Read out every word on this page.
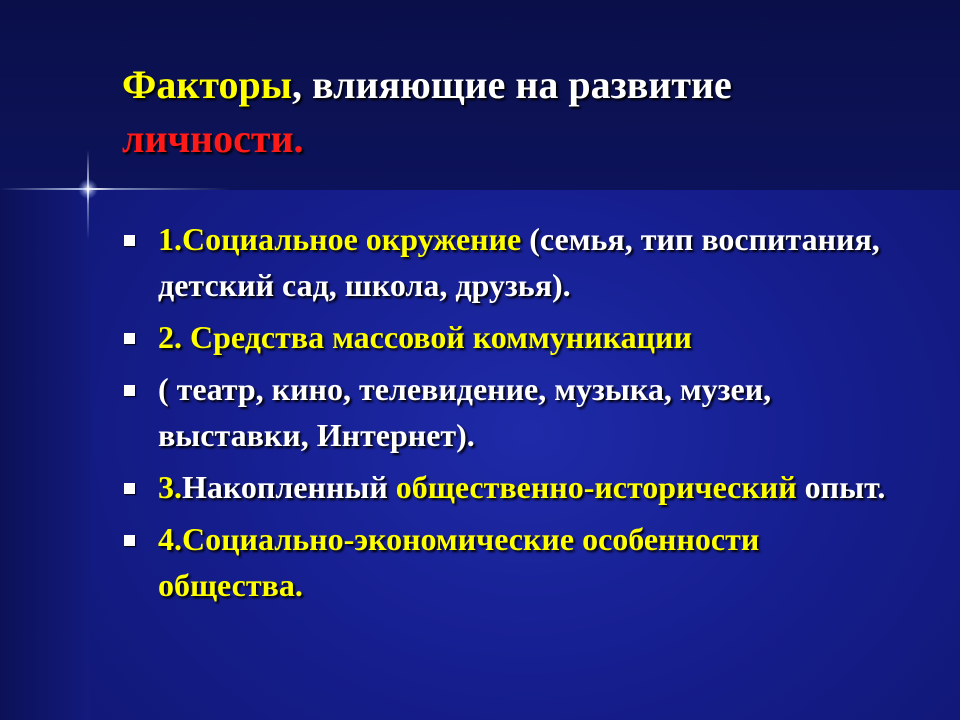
Факторы, влияющие на развитие личности.
1.Социальное окружение (семья, тип воспитания, детский сад, школа, друзья).
2. Средства массовой коммуникации
( театр, кино, телевидение, музыка, музеи, выставки, Интернет).
3.Накопленный общественно-исторический опыт.
4.Социально-экономические особенности общества.
